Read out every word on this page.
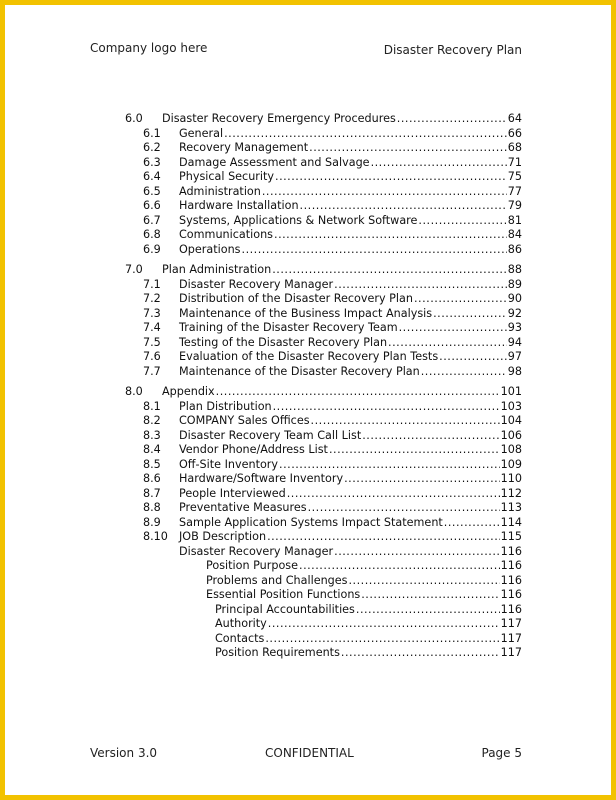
Company logo here	Disaster Recovery Plan
6.0	Disaster Recovery Emergency Procedures .....	64
6.1	General .....	66
6.2	Recovery Management .....	68
6.3	Damage Assessment and Salvage .....	71
6.4	Physical Security .....	75
6.5	Administration .....	77
6.6	Hardware Installation .....	79
6.7	Systems, Applications & Network Software .....	81
6.8	Communications .....	84
6.9	Operations .....	86
7.0	Plan Administration .....	88
7.1	Disaster Recovery Manager .....	89
7.2	Distribution of the Disaster Recovery Plan .....	90
7.3	Maintenance of the Business Impact Analysis .....	92
7.4	Training of the Disaster Recovery Team .....	93
7.5	Testing of the Disaster Recovery Plan .....	94
7.6	Evaluation of the Disaster Recovery Plan Tests .....	97
7.7	Maintenance of the Disaster Recovery Plan .....	98
8.0	Appendix .....	101
8.1	Plan Distribution .....	103
8.2	COMPANY Sales Offices .....	104
8.3	Disaster Recovery Team Call List .....	106
8.4	Vendor Phone/Address List .....	108
8.5	Off-Site Inventory .....	109
8.6	Hardware/Software Inventory .....	110
8.7	People Interviewed .....	112
8.8	Preventative Measures .....	113
8.9	Sample Application Systems Impact Statement .....	114
8.10 JOB Description .....	115
Disaster Recovery Manager .....	116
Position Purpose .....	116
Problems and Challenges .....	116
Essential Position Functions .....	116
Principal Accountabilities .....	116
Authority .....	117
Contacts .....	117
Position Requirements .....	117
Version 3.0	CONFIDENTIAL	Page 5
